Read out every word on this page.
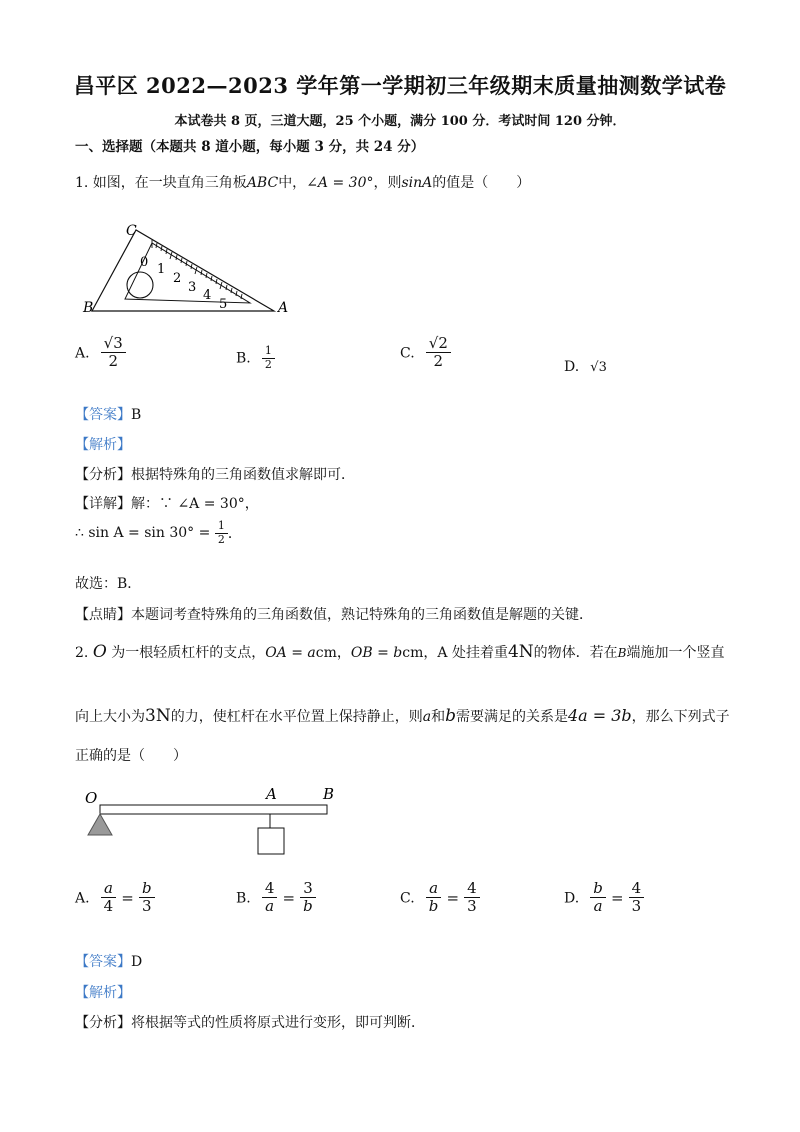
昌平区 2022—2023 学年第一学期初三年级期末质量抽测数学试卷
本试卷共 8 页，三道大题，25 个小题，满分 100 分．考试时间 120 分钟．
一、选择题（本题共 8 道小题，每小题 3 分，共 24 分）
1. 如图，在一块直角三角板ABC中，∠A = 30°，则sinA的值是（　　）
C
B	A
0 1
2
3
4
5
A. $\frac{√3}{2}$	B. $\frac{1}{2}$	C. $\frac{√2}{2}$	D. √3
【答案】B
【解析】
【分析】根据特殊角的三角函数值求解即可．
【详解】解：∵ ∠A = 30°，
∴ $\sin A = \sin 30^\circ = \frac{1}{2}$ ．
故选：B．
【点睛】本题词考查特殊角的三角函数值，熟记特殊角的三角函数值是解题的关键．
2. O 为一根轻质杠杆的支点，OA = acm，OB = bcm，A 处挂着重4N的物体．若在B端施加一个竖直
向上大小为3N的力，使杠杆在水平位置上保持静止，则a和b需要满足的关系是4a = 3b，那么下列式子
正确的是（　　）
O	A	B
A. $\frac{a}{4} = \frac{b}{3}$	B. $\frac{4}{a} = \frac{3}{b}$	C. $\frac{a}{b} = \frac{4}{3}$	D. $\frac{b}{a} = \frac{4}{3}$
【答案】D
【解析】
【分析】将根据等式的性质将原式进行变形，即可判断．
